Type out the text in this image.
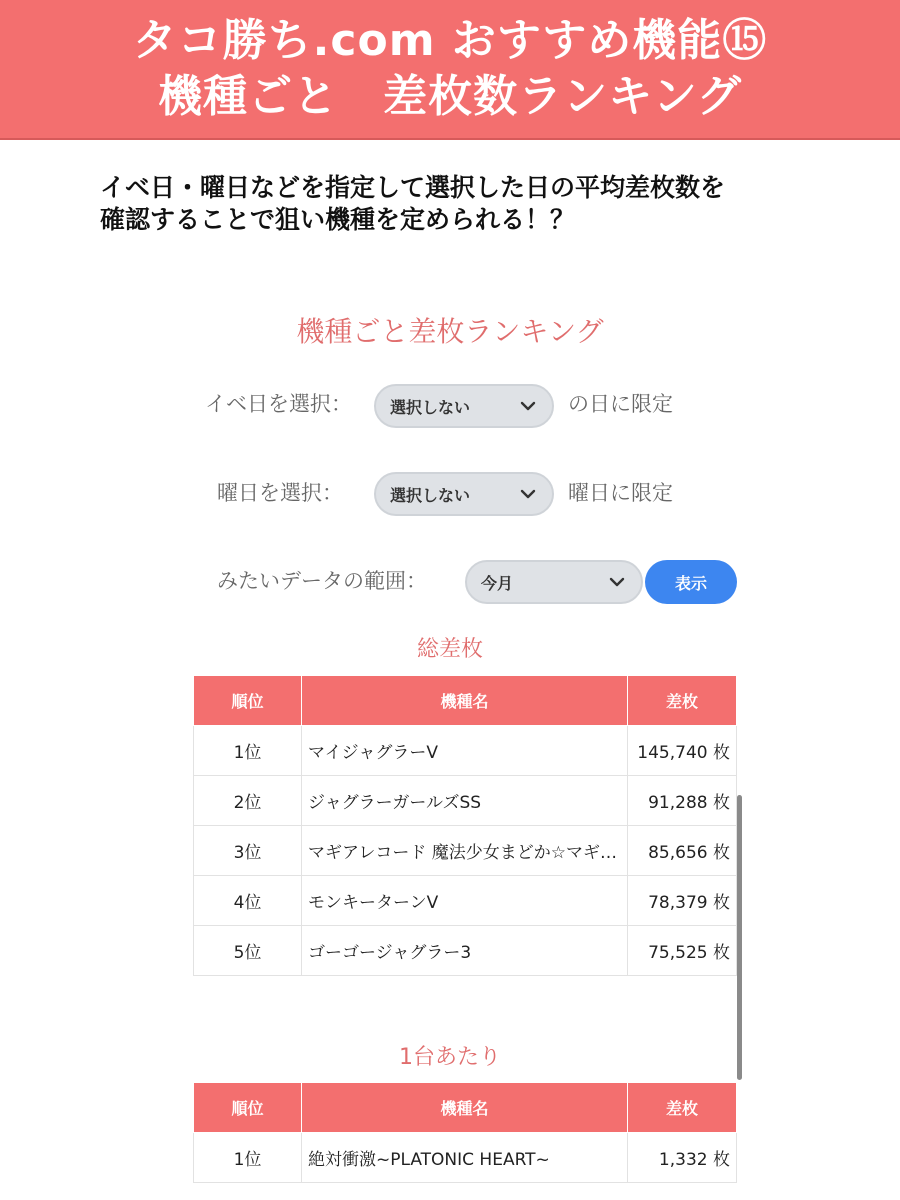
タコ勝ち.com おすすめ機能⑮
機種ごと　差枚数ランキング
イベ日・曜日などを指定して選択した日の平均差枚数を
確認することで狙い機種を定められる！？
機種ごと差枚ランキング
イベ日を選択： 選択しない	の日に限定
曜日を選択：	選択しない	曜日に限定
みたいデータの範囲：	今月	表示
総差枚
順位	機種名	差枚
1位	マイジャグラーV	145,740 枚
2位	ジャグラーガールズSS	91,288 枚
3位	マギアレコード 魔法少女まどか☆マギ…	85,656 枚
4位	モンキーターンV	78,379 枚
5位	ゴーゴージャグラー3	75,525 枚
1台あたり
順位	機種名	差枚
1位	絶対衝激~PLATONIC HEART~	1,332 枚
